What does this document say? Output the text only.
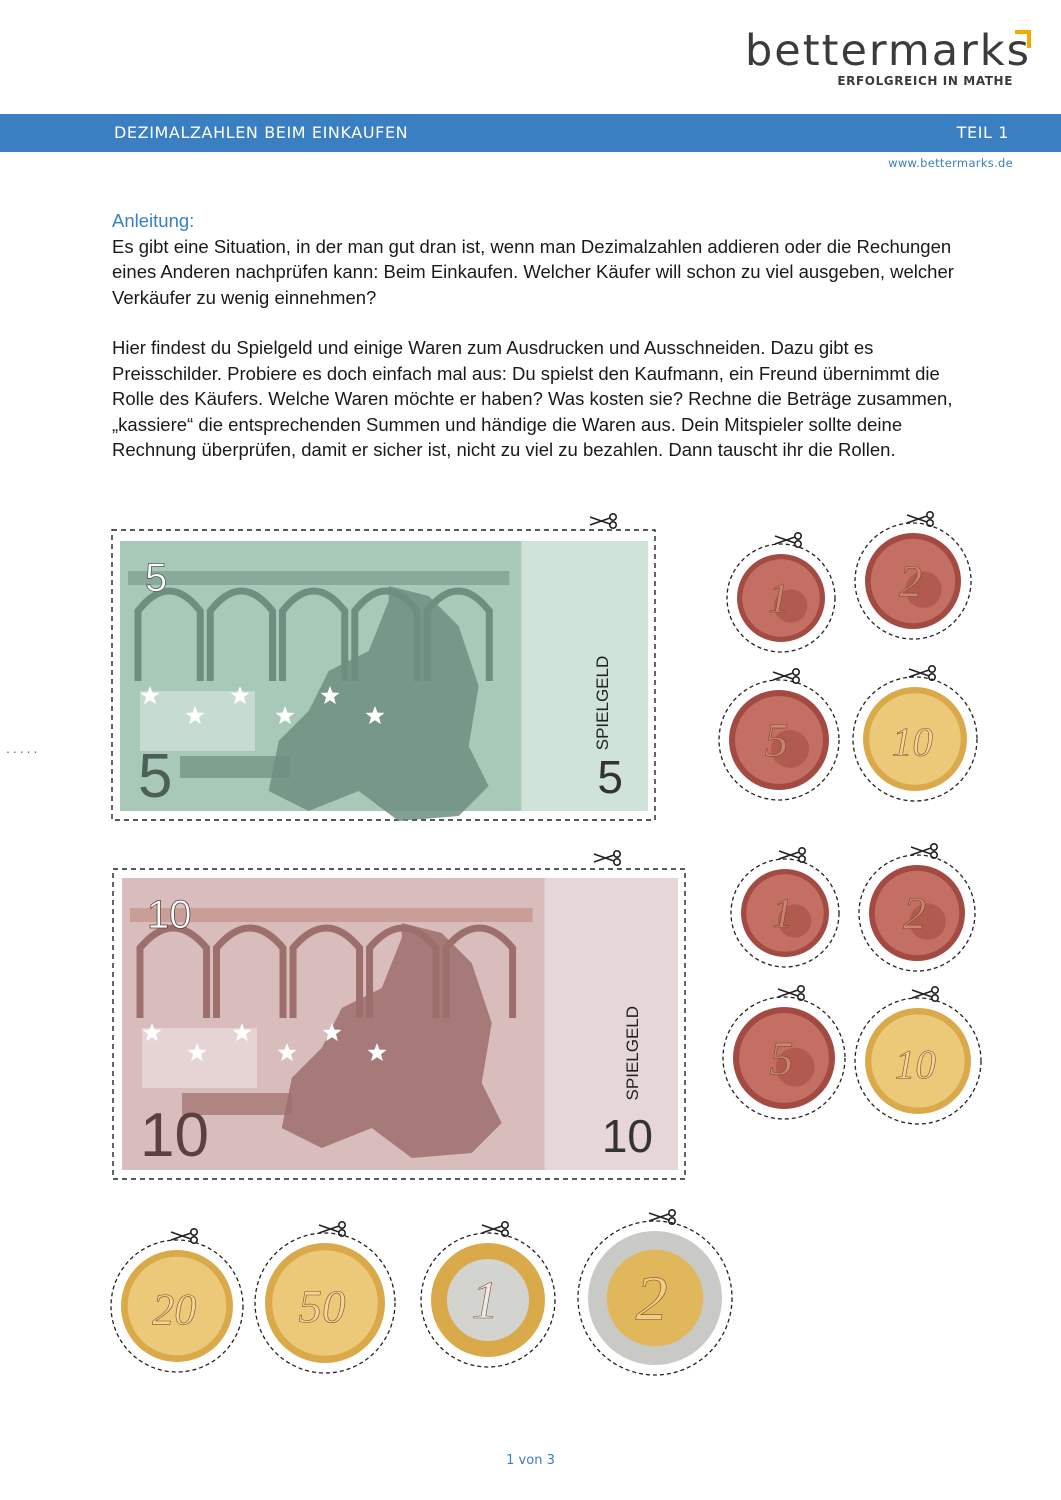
bettermarks
ERFOLGREICH IN MATHE
DEZIMALZAHLEN BEIM EINKAUFEN	TEIL 1
www.bettermarks.de
Anleitung:

Es gibt eine Situation, in der man gut dran ist, wenn man Dezimalzahlen addieren oder die Rechungen eines Anderen nachprüfen kann: Beim Einkaufen. Welcher Käufer will schon zu viel ausgeben, welcher Verkäufer zu wenig einnehmen?

Hier findest du Spielgeld und einige Waren zum Ausdrucken und Ausschneiden. Dazu gibt es Preisschilder. Probiere es doch einfach mal aus: Du spielst den Kaufmann, ein Freund übernimmt die Rolle des Käufers. Welche Waren möchte er haben? Was kosten sie? Rechne die Beträge zusammen, „kassiere“ die entsprechenden Summen und händige die Waren aus. Dein Mitspieler sollte deine Rechnung überprüfen, damit er sicher ist, nicht zu viel zu bezahlen. Dann tauscht ihr die Rollen.

.....
5
5	5
SPIELGELD
10
10	10
SPIELGELD
1 2
5	10
1 2
5 10
20 50 1 2
1 von 3
